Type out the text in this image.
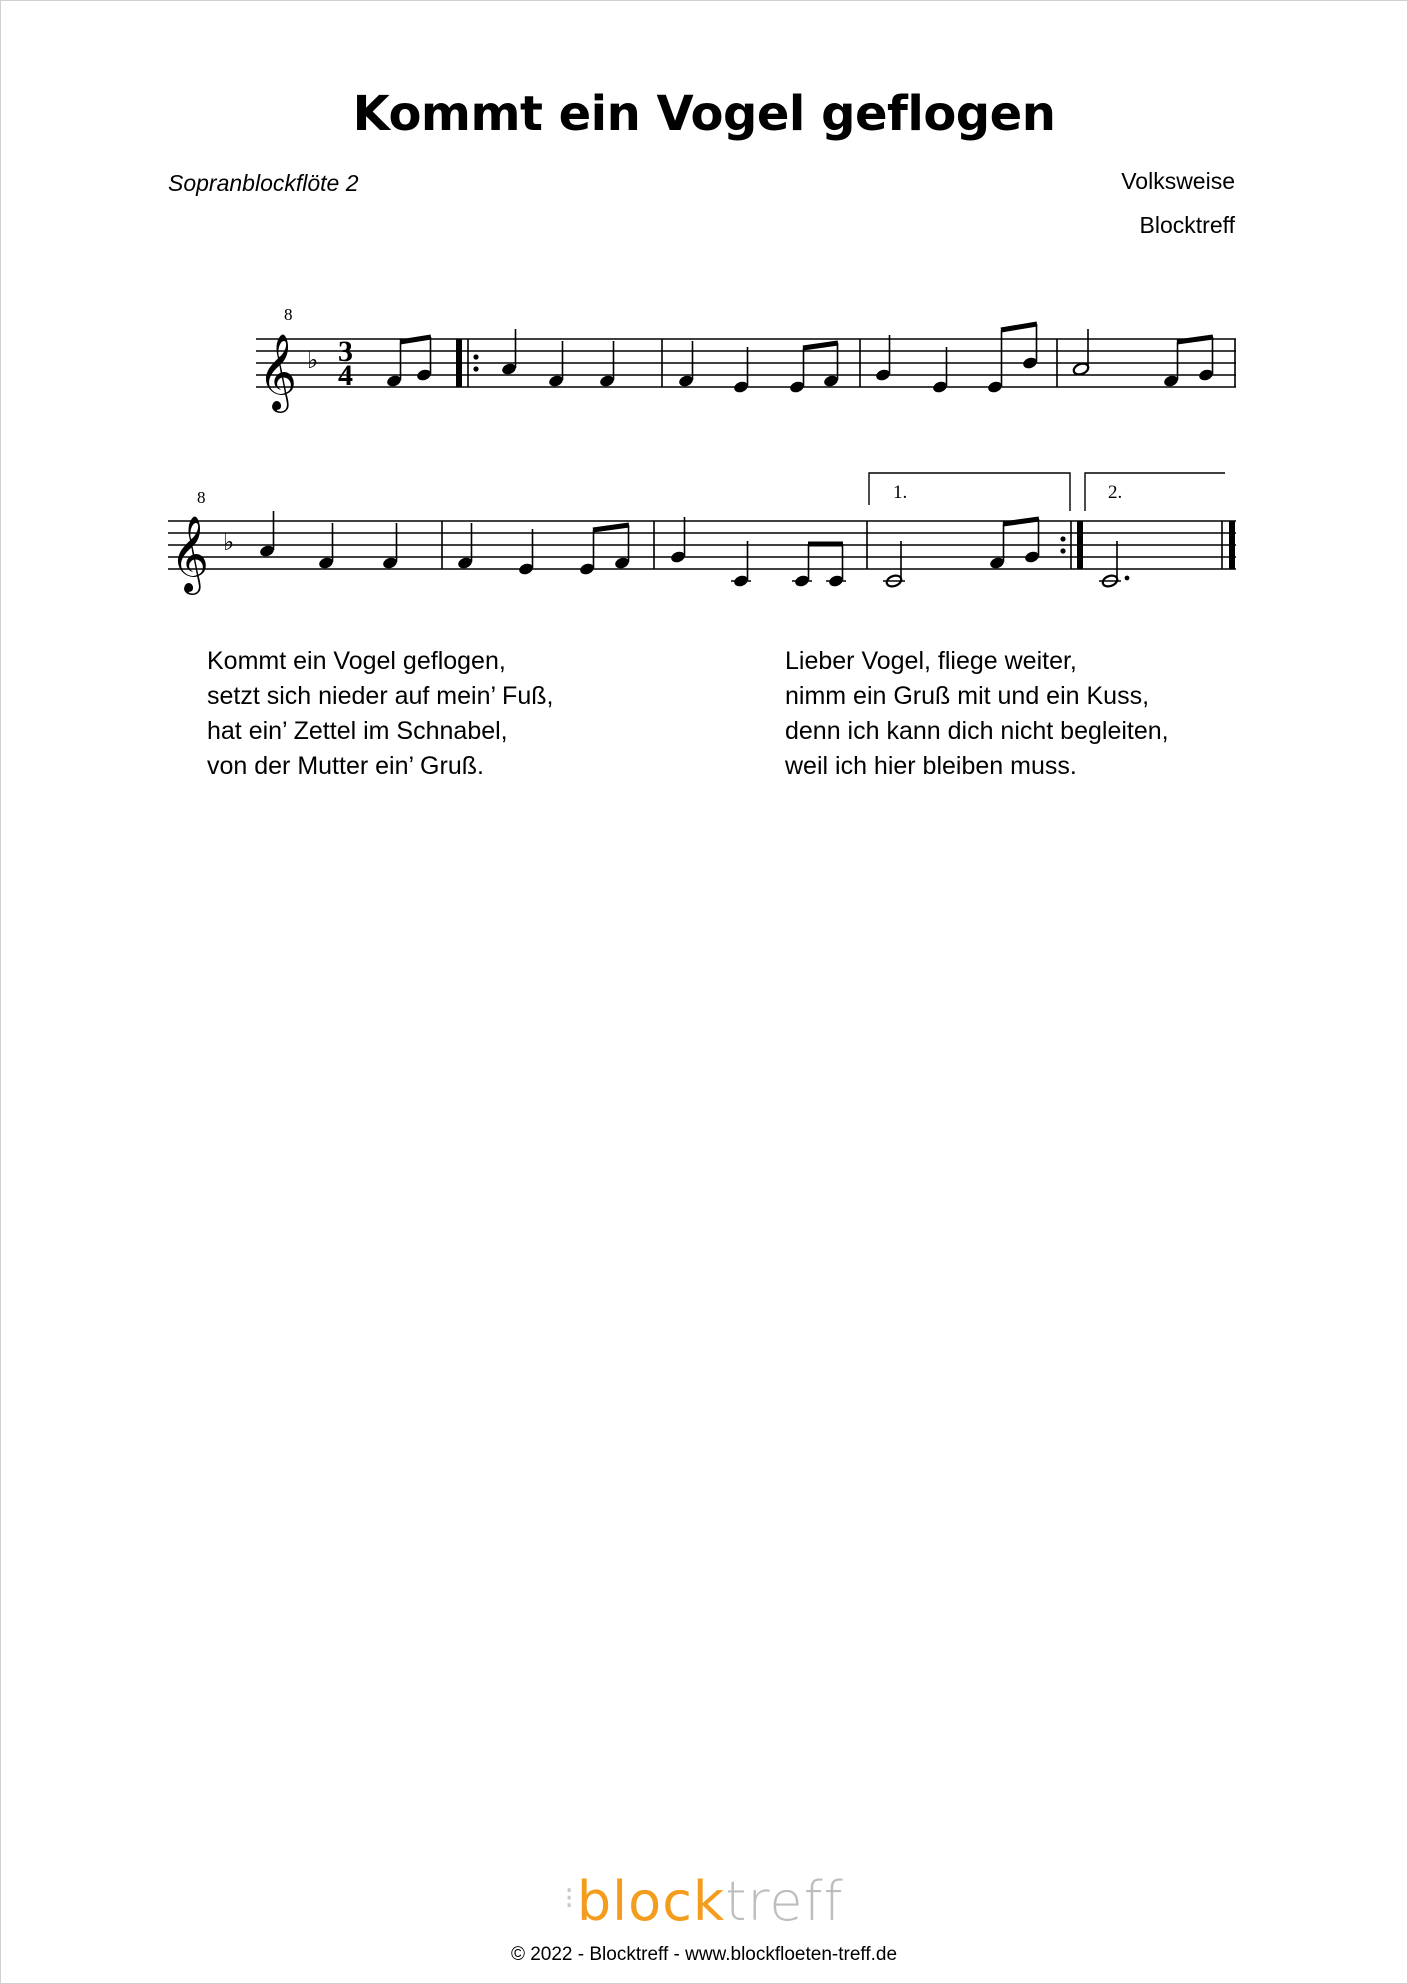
Kommt ein Vogel geflogen
Sopranblockflöte 2	Volksweise
Blocktreff
𝄞
8
♭ 3
4
𝄞
8
♭
1.	2.
Kommt ein Vogel geflogen,
setzt sich nieder auf mein’ Fuß,
hat ein’ Zettel im Schnabel,
von der Mutter ein’ Gruß.
Lieber Vogel, fliege weiter,
nimm ein Gruß mit und ein Kuss,
denn ich kann dich nicht begleiten,
weil ich hier bleiben muss.
⁝blocktreff
© 2022 - Blocktreff - www.blockfloeten-treff.de
